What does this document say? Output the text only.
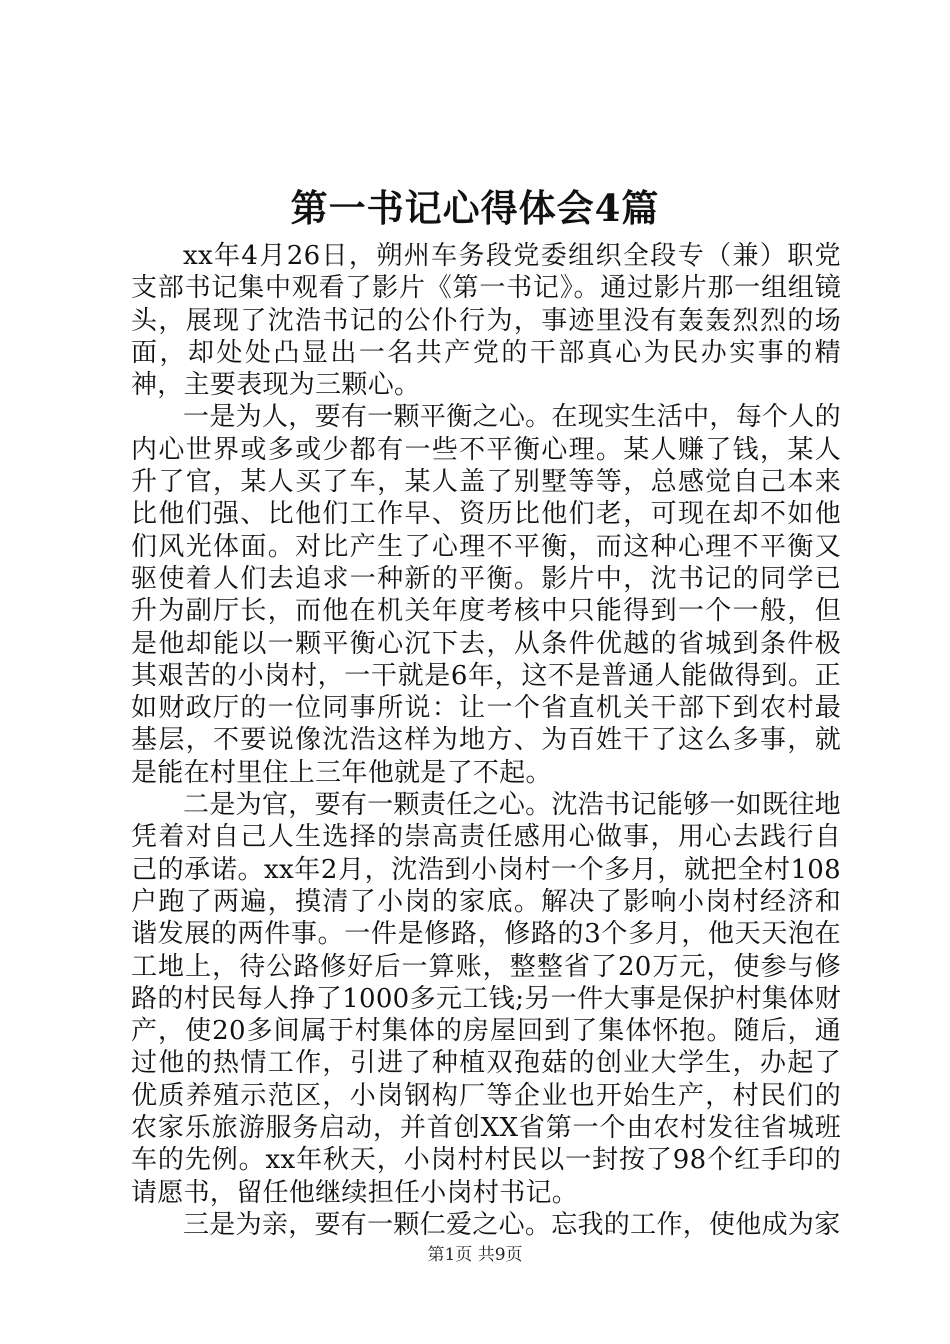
第一书记心得体会4篇

xx年4月26日，朔州车务段党委组织全段专（兼）职党支部书记集中观看了影片《第一书记》。通过影片那一组组镜头，展现了沈浩书记的公仆行为，事迹里没有轰轰烈烈的场面，却处处凸显出一名共产党的干部真心为民办实事的精神，主要表现为三颗心。

一是为人，要有一颗平衡之心。在现实生活中，每个人的内心世界或多或少都有一些不平衡心理。某人赚了钱，某人升了官，某人买了车，某人盖了别墅等等，总感觉自己本来比他们强、比他们工作早、资历比他们老，可现在却不如他们风光体面。对比产生了心理不平衡，而这种心理不平衡又驱使着人们去追求一种新的平衡。影片中，沈书记的同学已升为副厅长，而他在机关年度考核中只能得到一个一般，但是他却能以一颗平衡心沉下去，从条件优越的省城到条件极其艰苦的小岗村，一干就是6年，这不是普通人能做得到。正如财政厅的一位同事所说：让一个省直机关干部下到农村最基层，不要说像沈浩这样为地方、为百姓干了这么多事，就是能在村里住上三年他就是了不起。

二是为官，要有一颗责任之心。沈浩书记能够一如既往地凭着对自己人生选择的崇高责任感用心做事，用心去践行自己的承诺。xx年2月，沈浩到小岗村一个多月，就把全村108户跑了两遍，摸清了小岗的家底。解决了影响小岗村经济和谐发展的两件事。一件是修路，修路的3个多月，他天天泡在工地上，待公路修好后一算账，整整省了20万元，使参与修路的村民每人挣了1000多元工钱;另一件大事是保护村集体财产，使20多间属于村集体的房屋回到了集体怀抱。随后，通过他的热情工作，引进了种植双孢菇的创业大学生，办起了优质养殖示范区，小岗钢构厂等企业也开始生产，村民们的农家乐旅游服务启动，并首创XX省第一个由农村发往省城班车的先例。xx年秋天，小岗村村民以一封按了98个红手印的请愿书，留任他继续担任小岗村书记。

三是为亲，要有一颗仁爱之心。忘我的工作，使他成为家

第1页 共9页
